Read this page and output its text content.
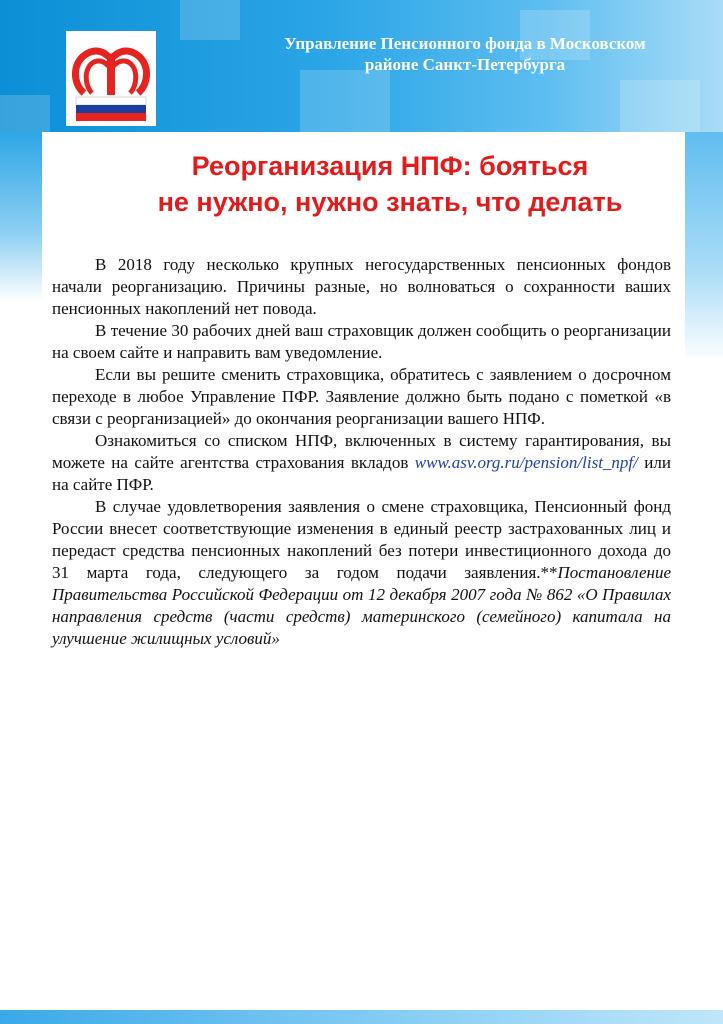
Управление Пенсионного фонда в Московском
районе Санкт-Петербурга
Реорганизация НПФ: бояться
не нужно, нужно знать, что делать

В 2018 году несколько крупных негосударственных пенсионных фондов начали реорганизацию. Причины разные, но волноваться о сохранности ваших пенсионных накоплений нет повода.

В течение 30 рабочих дней ваш страховщик должен сообщить о реорганизации на своем сайте и направить вам уведомление.

Если вы решите сменить страховщика, обратитесь с заявлением о досрочном переходе в любое Управление ПФР. Заявление должно быть подано с пометкой «в связи с реорганизацией» до окончания реорганизации вашего НПФ.

Ознакомиться со списком НПФ, включенных в систему гарантирования, вы можете на сайте агентства страхования вкладов www.asv.org.ru/pension/list_npf/ или на сайте ПФР.

В случае удовлетворения заявления о смене страховщика, Пенсионный фонд России внесет соответствующие изменения в единый реестр застрахованных лиц и передаст средства пенсионных накоплений без потери инвестиционного дохода до 31 марта года, следующего за годом подачи заявления.**Постановление Правительства Российской Федерации от 12 декабря 2007 года № 862 «О Правилах направления средств (части средств) материнского (семейного) капитала на улучшение жилищных условий»
